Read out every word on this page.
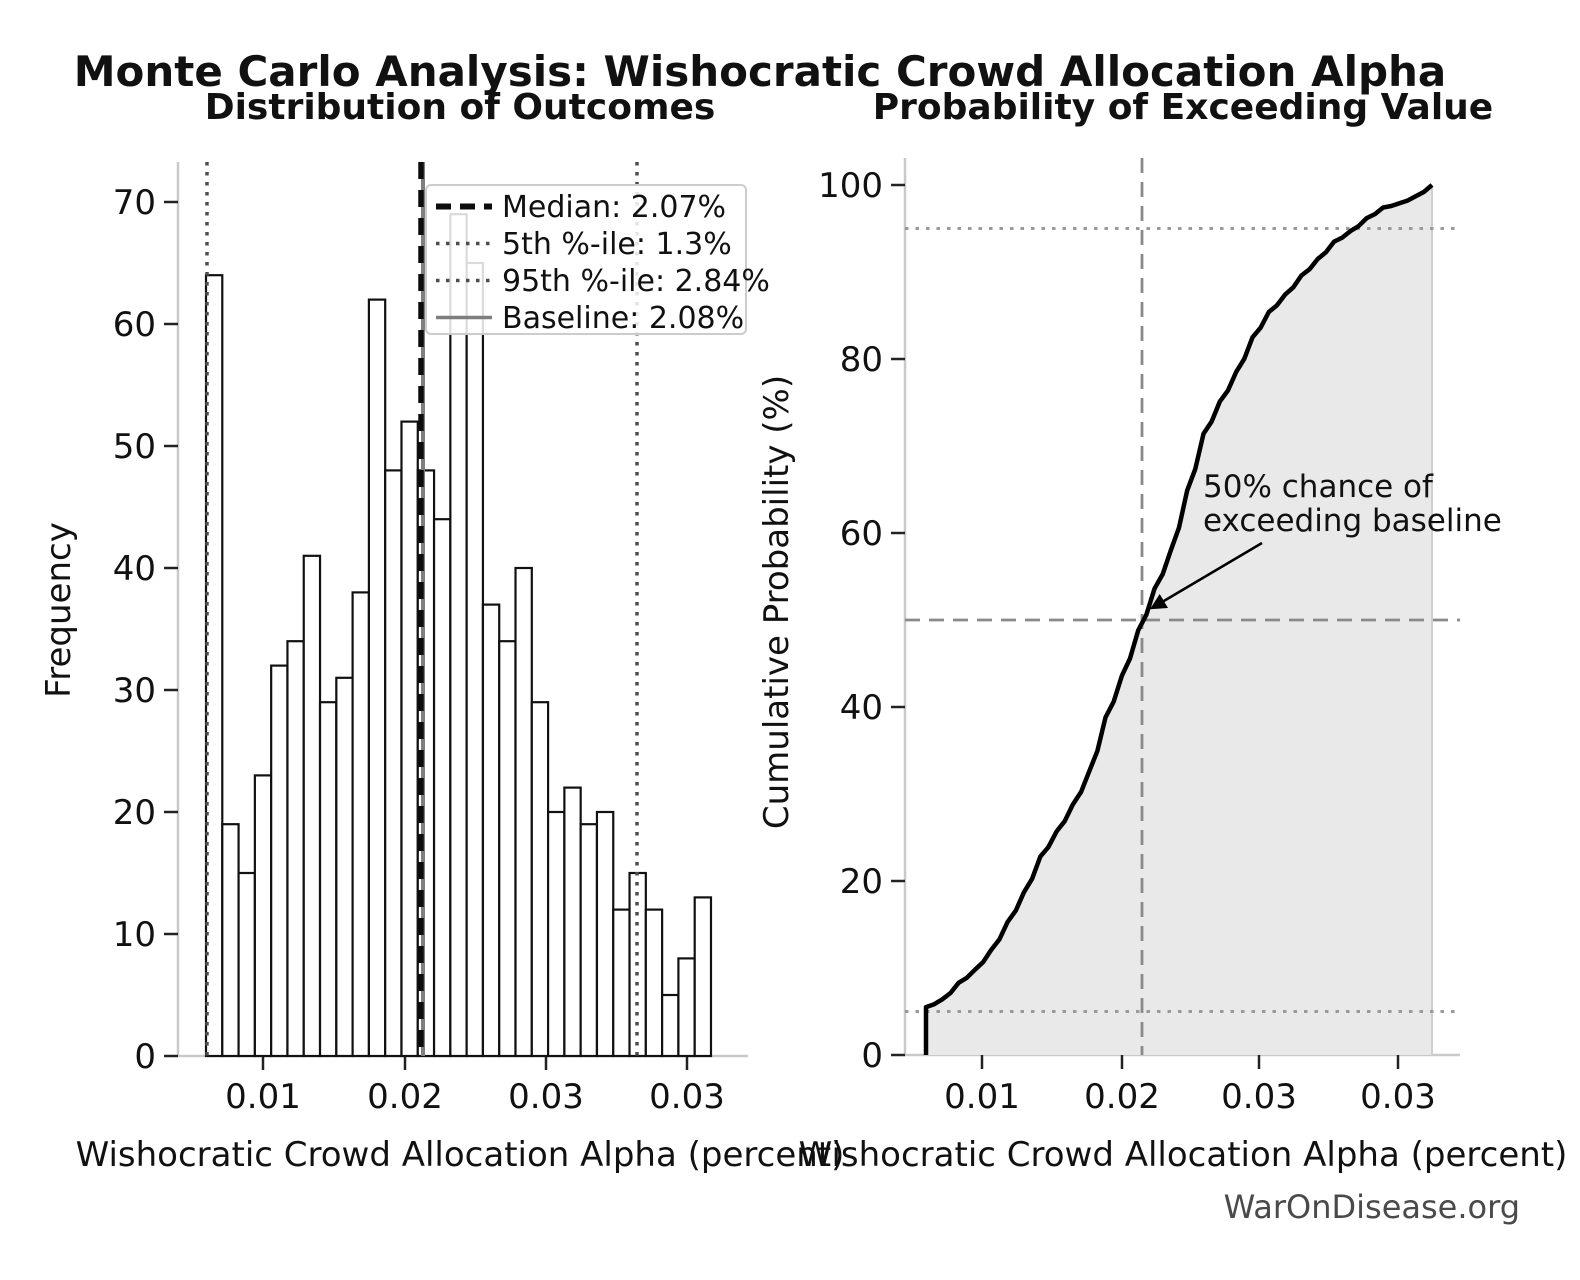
0
10
20
30
40
50
60
70
0.01 0.02 0.03 0.03
0
20
40
60
80
100
0.01 0.02 0.03 0.03
Monte Carlo Analysis: Wishocratic Crowd Allocation Alpha
Distribution of Outcomes	Probability of Exceeding Value
Frequency
Wishocratic Crowd Allocation Alpha (percent)
Cumulative Probability (%)
Wishocratic Crowd Allocation Alpha (percent)
Median: 2.07%
5th %-ile: 1.3%
95th %-ile: 2.84%
Baseline: 2.08%
50% chance of
exceeding baseline
WarOnDisease.org
